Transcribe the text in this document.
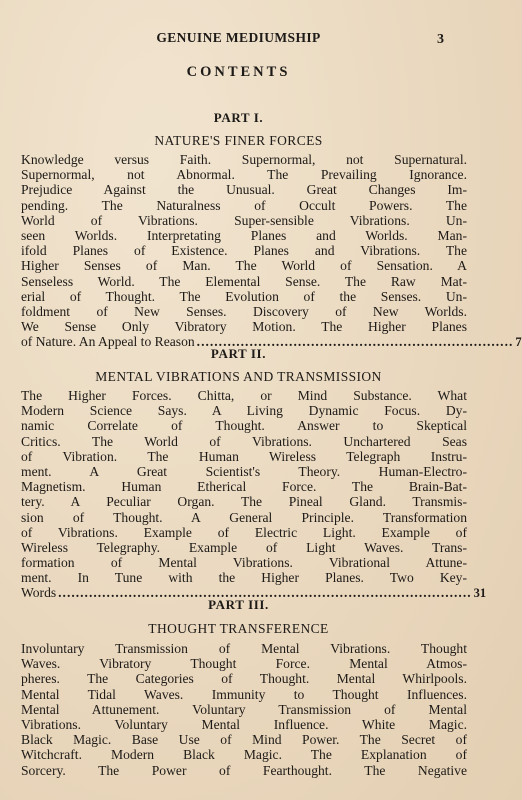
GENUINE MEDIUMSHIP	3
CONTENTS
PART I.
NATURE'S FINER FORCES
Knowledge versus Faith. Supernormal, not Supernatural.
Supernormal, not Abnormal. The Prevailing Ignorance.
Prejudice Against the Unusual. Great Changes Im-
pending. The Naturalness of Occult Powers. The
World of Vibrations. Super-sensible Vibrations. Un-
seen Worlds. Interpretating Planes and Worlds. Man-
ifold Planes of Existence. Planes and Vibrations. The
Higher Senses of Man. The World of Sensation. A
Senseless World. The Elemental Sense. The Raw Mat-
erial of Thought. The Evolution of the Senses. Un-
foldment of New Senses. Discovery of New Worlds.
We Sense Only Vibratory Motion. The Higher Planes
of Nature. An Appeal to Reason ........................................................................ 7
PART II.
MENTAL VIBRATIONS AND TRANSMISSION
The Higher Forces. Chitta, or Mind Substance. What
Modern Science Says. A Living Dynamic Focus. Dy-
namic Correlate of Thought. Answer to Skeptical
Critics. The World of Vibrations. Unchartered Seas
of Vibration. The Human Wireless Telegraph Instru-
ment. A Great Scientist's Theory. Human-Electro-
Magnetism. Human Etherical Force. The Brain-Bat-
tery. A Peculiar Organ. The Pineal Gland. Transmis-
sion of Thought. A General Principle. Transformation
of Vibrations. Example of Electric Light. Example of
Wireless Telegraphy. Example of Light Waves. Trans-
formation of Mental Vibrations. Vibrational Attune-
ment. In Tune with the Higher Planes. Two Key-
Words .............................................................................................. 31
PART III.
THOUGHT TRANSFERENCE
Involuntary Transmission of Mental Vibrations. Thought
Waves. Vibratory Thought Force. Mental Atmos-
pheres. The Categories of Thought. Mental Whirlpools.
Mental Tidal Waves. Immunity to Thought Influences.
Mental Attunement. Voluntary Transmission of Mental
Vibrations. Voluntary Mental Influence. White Magic.
Black Magic. Base Use of Mind Power. The Secret of
Witchcraft. Modern Black Magic. The Explanation of
Sorcery. The Power of Fearthought. The Negative
